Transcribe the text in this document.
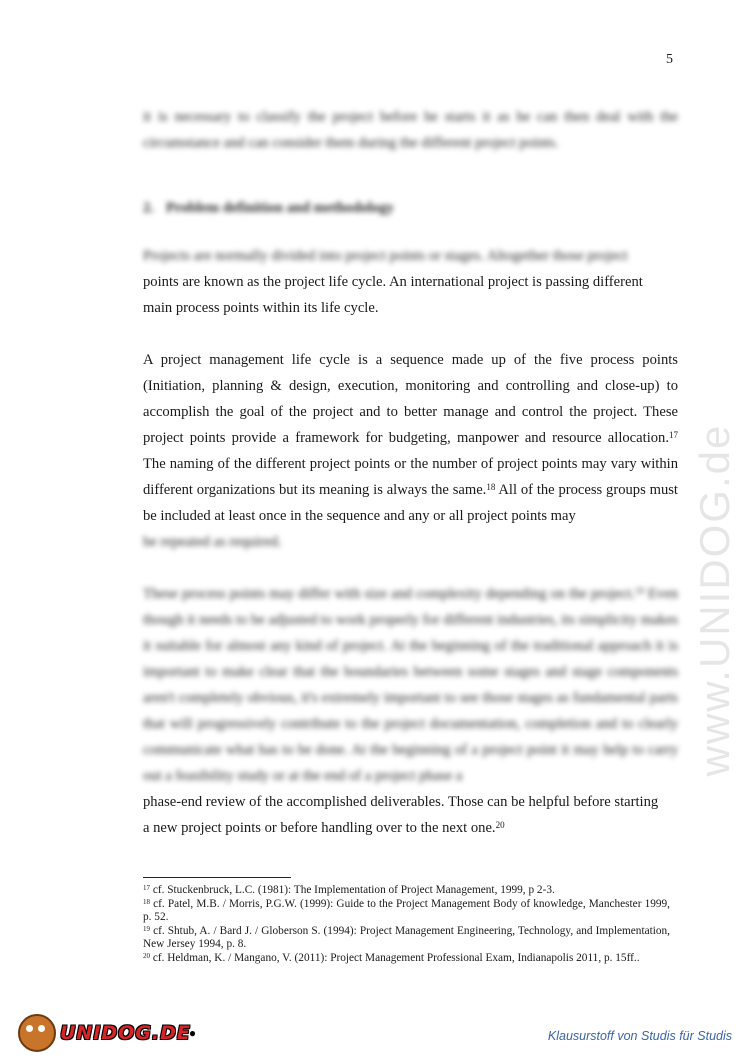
5
it is necessary to classify the project before he starts it as he can then deal with the circumstance and can consider them during the different project points.
2. Problem definition and methodology
Projects are normally divided into project points or stages. Altogether those project
points are known as the project life cycle. An international project is passing different
main process points within its life cycle.
A project management life cycle is a sequence made up of the five process points (Initiation, planning & design, execution, monitoring and controlling and close-up) to accomplish the goal of the project and to better manage and control the project. These project points provide a framework for budgeting, manpower and resource allocation.$^{17}$ The naming of the different project points or the number of project points may vary within different organizations but its meaning is always the same.$^{18}$ All of the process groups must be included at least once in the sequence and any or all project points may
be repeated as required.
These process points may differ with size and complexity depending on the project.$^{19}$ Even though it needs to be adjusted to work properly for different industries, its simplicity makes it suitable for almost any kind of project. At the beginning of the traditional approach it is important to make clear that the boundaries between some stages and stage components aren't completely obvious, it's extremely important to see those stages as fundamental parts that will progressively contribute to the project documentation, completion and to clearly communicate what has to be done. At the beginning of a project point it may help to carry out a feasibility study or at the end of a project phase a
phase-end review of the accomplished deliverables. Those can be helpful before starting
a new project points or before handling over to the next one.$^{20}$
$^{17}$ cf. Stuckenbruck, L.C. (1981): The Implementation of Project Management, 1999, p 2-3.
$^{18}$ cf. Patel, M.B. / Morris, P.G.W. (1999): Guide to the Project Management Body of knowledge, Manchester 1999, p. 52.
$^{19}$ cf. Shtub, A. / Bard J. / Globerson S. (1994): Project Management Engineering, Technology, and Implementation, New Jersey 1994, p. 8.
$^{20}$ cf. Heldman, K. / Mangano, V. (2011): Project Management Professional Exam, Indianapolis 2011, p. 15ff..
www.UNIDOG.de
UNIDOG.DE
●	Klausurstoff von Studis für Studis
